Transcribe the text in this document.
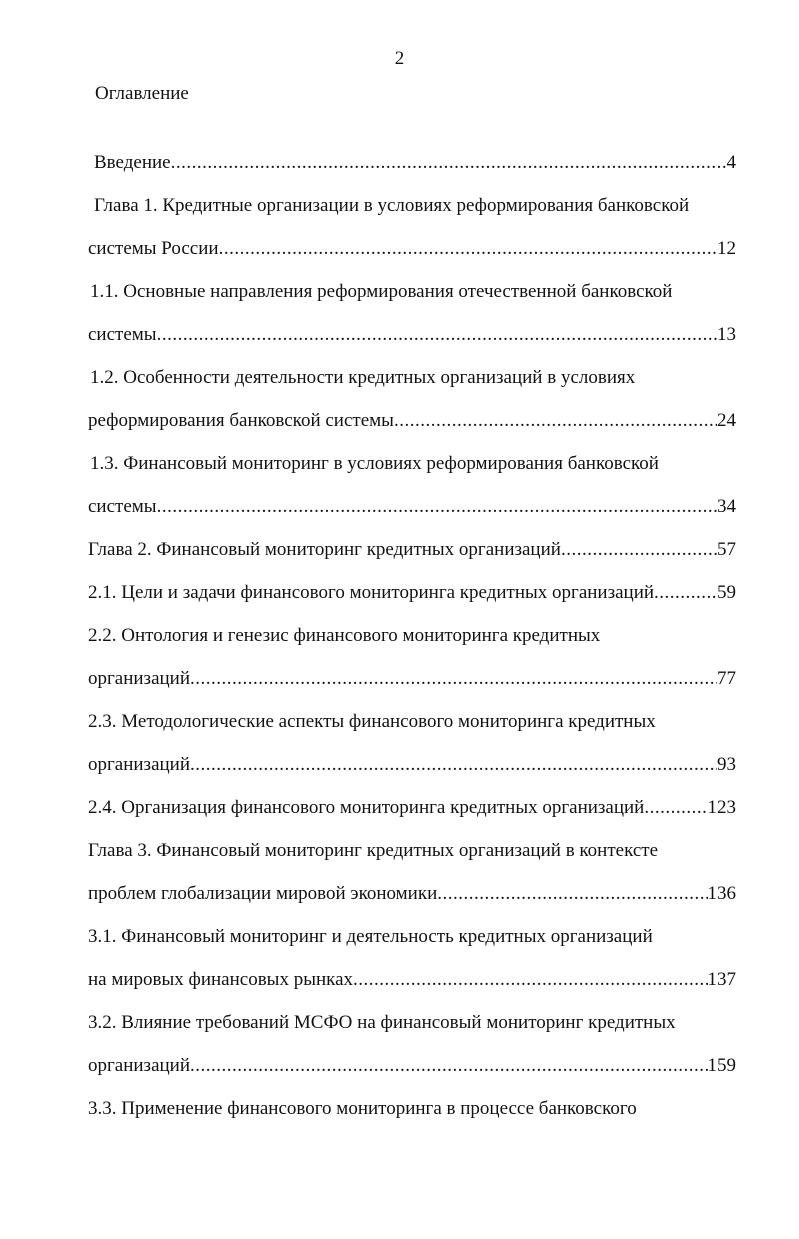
2
Оглавление
Введение .....	4
Глава 1. Кредитные организации в условиях реформирования банковской
системы России .....	12
1.1. Основные направления реформирования отечественной банковской
системы .....	13
1.2. Особенности деятельности кредитных организаций в условиях
реформирования банковской системы .....	24
1.3. Финансовый мониторинг в условиях реформирования банковской
системы .....	34
Глава 2. Финансовый мониторинг кредитных организаций .....	57
2.1. Цели и задачи финансового мониторинга кредитных организаций .....	59
2.2. Онтология и генезис финансового мониторинга кредитных
организаций .....	77
2.3. Методологические аспекты финансового мониторинга кредитных
организаций .....	93
2.4. Организация финансового мониторинга кредитных организаций .....	123
Глава 3. Финансовый мониторинг кредитных организаций в контексте
проблем глобализации мировой экономики .....	136
3.1. Финансовый мониторинг и деятельность кредитных организаций
на мировых финансовых рынках .....	137
3.2. Влияние требований МСФО на финансовый мониторинг кредитных
организаций .....	159
3.3. Применение финансового мониторинга в процессе банковского
